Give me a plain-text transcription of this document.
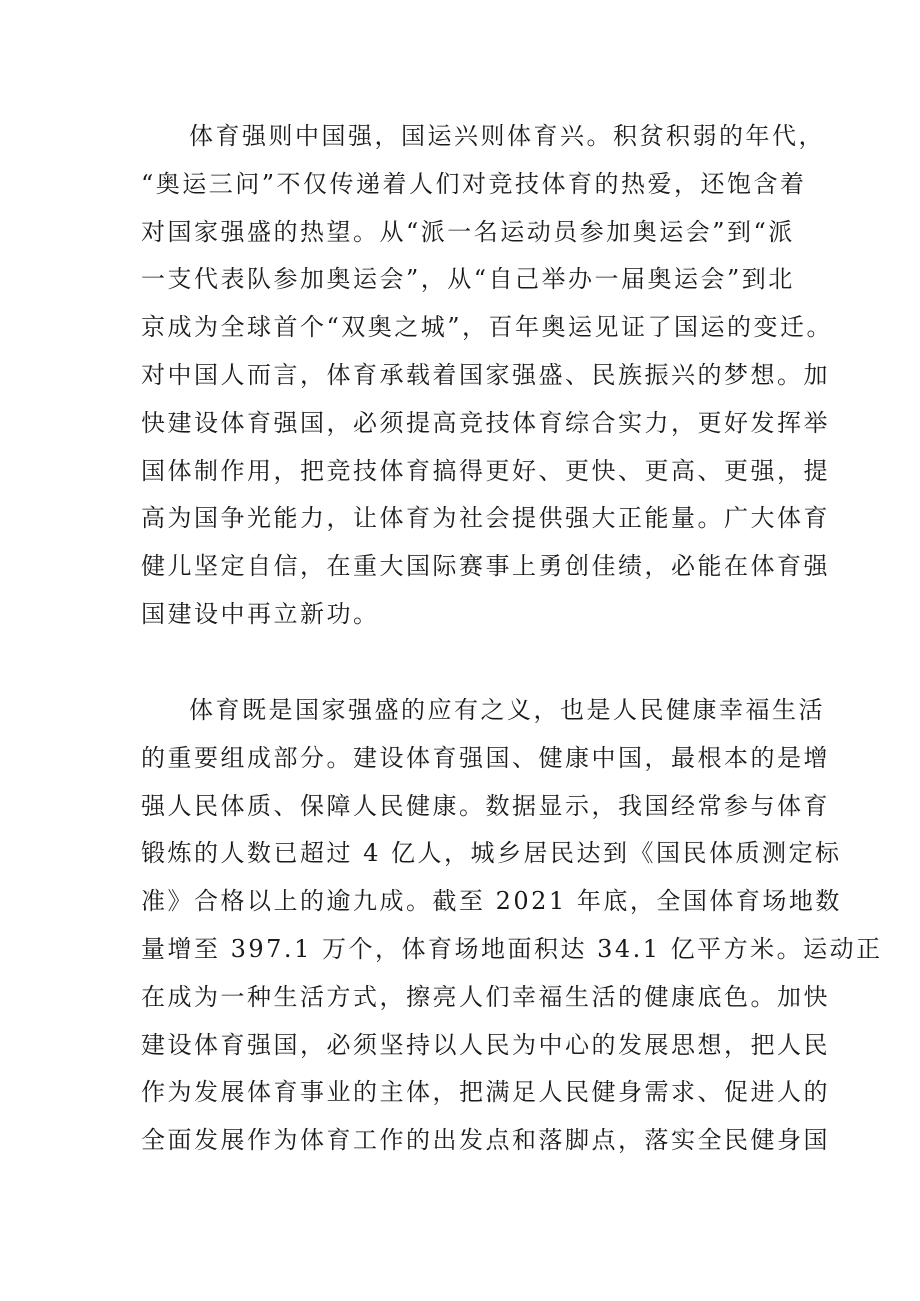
体育强则中国强，国运兴则体育兴。积贫积弱的年代，
“奥运三问”不仅传递着人们对竞技体育的热爱，还饱含着
对国家强盛的热望。从“派一名运动员参加奥运会”到“派
一支代表队参加奥运会”，从“自己举办一届奥运会”到北
京成为全球首个“双奥之城”，百年奥运见证了国运的变迁。
对中国人而言，体育承载着国家强盛、民族振兴的梦想。加
快建设体育强国，必须提高竞技体育综合实力，更好发挥举
国体制作用，把竞技体育搞得更好、更快、更高、更强，提
高为国争光能力，让体育为社会提供强大正能量。广大体育
健儿坚定自信，在重大国际赛事上勇创佳绩，必能在体育强
国建设中再立新功。
体育既是国家强盛的应有之义，也是人民健康幸福生活
的重要组成部分。建设体育强国、健康中国，最根本的是增
强人民体质、保障人民健康。数据显示，我国经常参与体育
锻炼的人数已超过 4 亿人，城乡居民达到《国民体质测定标
准》合格以上的逾九成。截至 2021 年底，全国体育场地数
量增至 397.1 万个，体育场地面积达 34.1 亿平方米。运动正
在成为一种生活方式，擦亮人们幸福生活的健康底色。加快
建设体育强国，必须坚持以人民为中心的发展思想，把人民
作为发展体育事业的主体，把满足人民健身需求、促进人的
全面发展作为体育工作的出发点和落脚点，落实全民健身国
